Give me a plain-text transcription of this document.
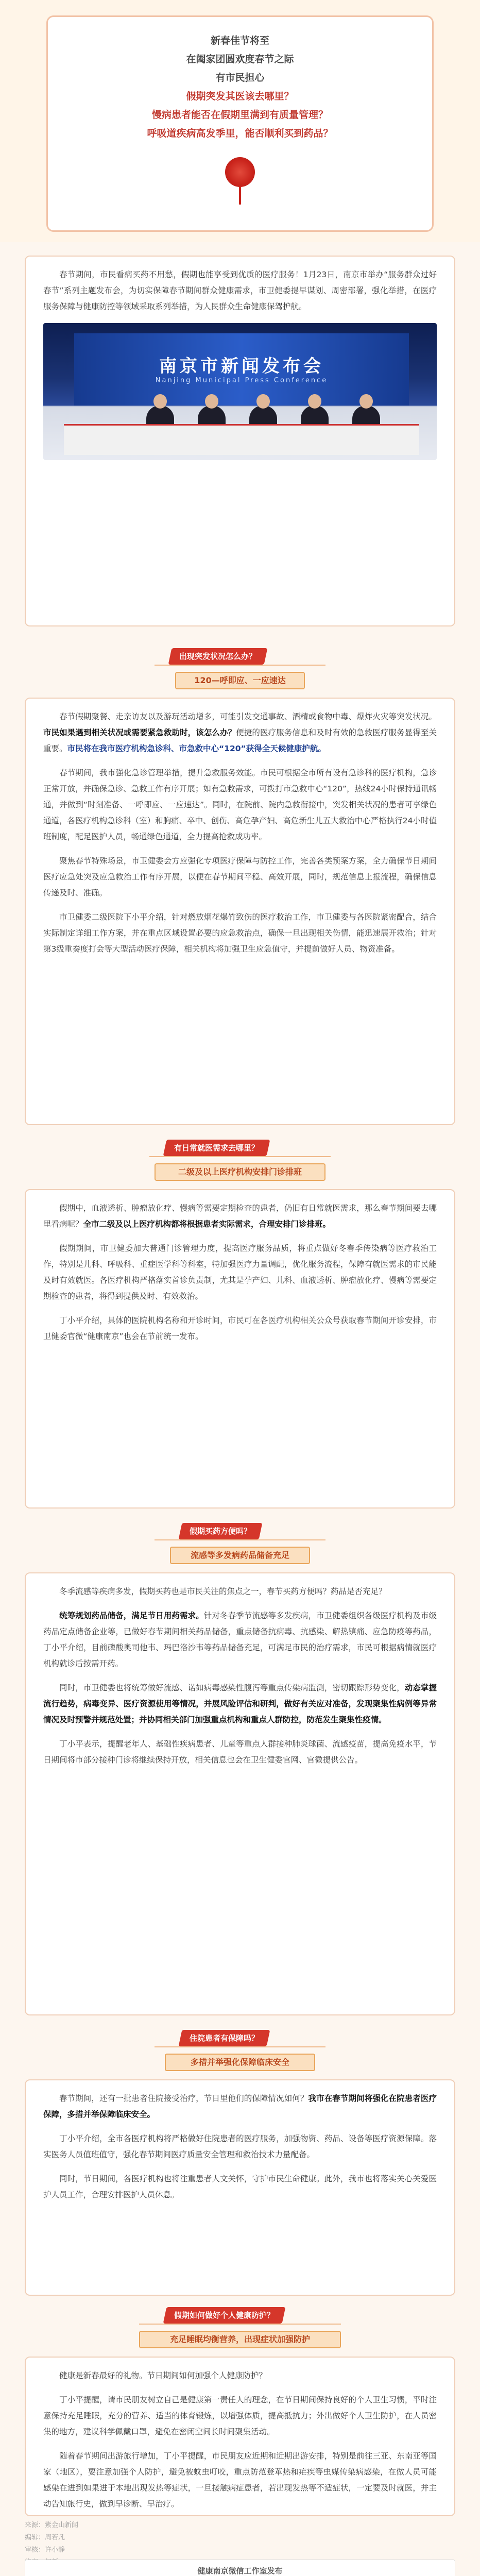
新春佳节将至

在阖家团圆欢度春节之际

有市民担心

假期突发其医该去哪里？

慢病患者能否在假期里满到有质量管理？

呼吸道疾病高发季里，能否顺利买到药品？

春节期间，市民看病买药不用愁，假期也能享受到优质的医疗服务！1月23日，南京市举办“服务群众过好春节”系列主题发布会，为切实保障春节期间群众健康需求，市卫健委提早谋划、周密部署，强化举措，在医疗服务保障与健康防控等领域采取系列举措，为人民群众生命健康保驾护航。

南京市新闻发布会
Nanjing Municipal Press Conference
出现突发状况怎么办？
120—呼即应、一应速达

春节假期聚餐、走亲访友以及游玩活动增多，可能引发交通事故、酒精或食物中毒、爆炸火灾等突发状况。市民如果遇到相关状况或需要紧急救助时，该怎么办？便捷的医疗服务信息和及时有效的急救医疗服务显得至关重要。市民将在我市医疗机构急诊科、市急救中心“120”获得全天候健康护航。

春节期间，我市强化急诊管理举措，提升急救服务效能。市民可根据全市所有设有急诊科的医疗机构，急诊正常开放，并确保急诊、急救工作有序开展；如有急救需求，可拨打市急救中心“120”，热线24小时保持通讯畅通，并做到“时刻准备、一呼即应、一应速达”。同时，在院前、院内急救衔接中，突发相关状况的患者可享绿色通道，各医疗机构急诊科（室）和胸痛、卒中、创伤、高危孕产妇、高危新生儿五大救治中心严格执行24小时值班制度，配足医护人员，畅通绿色通道，全力提高抢救成功率。

聚焦春节特殊场景，市卫健委会方应强化专项医疗保障与防控工作，完善各类预案方案，全力确保节日期间医疗应急处突及应急救治工作有序开展，以便在春节期间平稳、高效开展，同时，规范信息上报流程，确保信息传递及时、准确。

市卫健委二级医院下小平介绍，针对燃放烟花爆竹致伤的医疗救治工作，市卫健委与各医院紧密配合，结合实际制定详细工作方案，并在重点区域设置必要的应急救治点，确保一旦出现相关伤情，能迅速展开救治；针对第3级重奏度打会等大型活动医疗保障，相关机构将加强卫生应急值守，并提前做好人员、物资准备。

有日常就医需求去哪里？
二级及以上医疗机构安排门诊排班

假期中，血液透析、肿瘤放化疗、慢病等需要定期检查的患者，仍旧有日常就医需求，那么春节期间要去哪里看病呢？全市二级及以上医疗机构都将根据患者实际需求，合理安排门诊排班。

假期期间，市卫健委加大普通门诊管理力度，提高医疗服务品质，将重点做好冬春季传染病等医疗救治工作，特别是儿科、呼吸科、重症医学科等科室，特加强医疗力量调配，优化服务流程，保障有就医需求的市民能及时有效就医。各医疗机构严格落实首诊负责制，尤其是孕产妇、儿科、血液透析、肿瘤放化疗、慢病等需要定期检查的患者，将得到提供及时、有效救治。

丁小平介绍，具体的医院机构名称和开诊时间，市民可在各医疗机构相关公众号获取春节期间开诊安排，市卫健委官微“健康南京”也会在节前统一发布。

假期买药方便吗？
流感等多发病药品储备充足

冬季流感等疾病多发，假期买药也是市民关注的焦点之一，春节买药方便吗？药品是否充足？

统筹规划药品储备，满足节日用药需求。针对冬春季节流感等多发疾病，市卫健委组织各级医疗机构及市级药品定点储备企业等，已做好春节期间相关药品储备，重点储备抗病毒、抗感染、解热镇痛、应急防疫等药品，丁小平介绍，目前磷酸奥司他韦、玛巴洛沙韦等药品储备充足，可满足市民的治疗需求，市民可根据病情就医疗机构就诊后按需开药。

同时，市卫健委也将统筹做好流感、诺如病毒感染性腹泻等重点传染病监测，密切跟踪形势变化，动态掌握流行趋势，病毒变异、医疗资源使用等情况，并展风险评估和研判，做好有关应对准备，发现聚集性病例等异常情况及时预警并规范处置；并协同相关部门加强重点机构和重点人群防控，防范发生聚集性疫情。

丁小平表示，提醒老年人、基础性疾病患者、儿童等重点人群接种肺炎球菌、流感疫苗，提高免疫水平，节日期间将市部分接种门诊将继续保持开放，相关信息也会在卫生健委官网、官微提供公告。

住院患者有保障吗？
多措并举强化保障临床安全

春节期间，还有一批患者住院接受治疗，节日里他们的保障情况如何？我市在春节期间将强化在院患者医疗保障，多措并举保障临床安全。

丁小平介绍，全市各医疗机构将严格做好住院患者的医疗服务，加强物资、药品、设备等医疗资源保障。落实医务人员值班值守，强化春节期间医疗质量安全管理和救治技术力量配备。

同时，节日期间，各医疗机构也将注重患者人文关怀，守护市民生命健康。此外，我市也将落实关心关爱医护人员工作，合理安排医护人员休息。

假期如何做好个人健康防护？
充足睡眠均衡营养，出现症状加强防护

健康是新春最好的礼物。节日期间如何加强个人健康防护？

丁小平提醒，请市民朋友树立自己是健康第一责任人的理念，在节日期间保持良好的个人卫生习惯，平时注意保持充足睡眠，充分的营养、适当的体育锻炼，以增强体质，提高抵抗力；外出做好个人卫生防护，在人员密集的地方，建议科学佩戴口罩，避免在密闭空间长时间聚集活动。

随着春节期间出游旅行增加，丁小平提醒，市民朋友应近期和近期出游安排，特别是前往三亚、东南亚等国家（地区），要注意加强个人防护，避免被蚊虫叮咬，重点防范登革热和疟疾等虫媒传染病感染，在做人员可能感染在进到如果进于本地出现发热等症状，一旦接触病症患者，若出现发热等不适症状，一定要及时就医，并主动告知旅行史，做到早诊断、早治疗。

来源：紫金山新闻
编辑：周若凡
审核：许小静
健康南京微信工作室发布
